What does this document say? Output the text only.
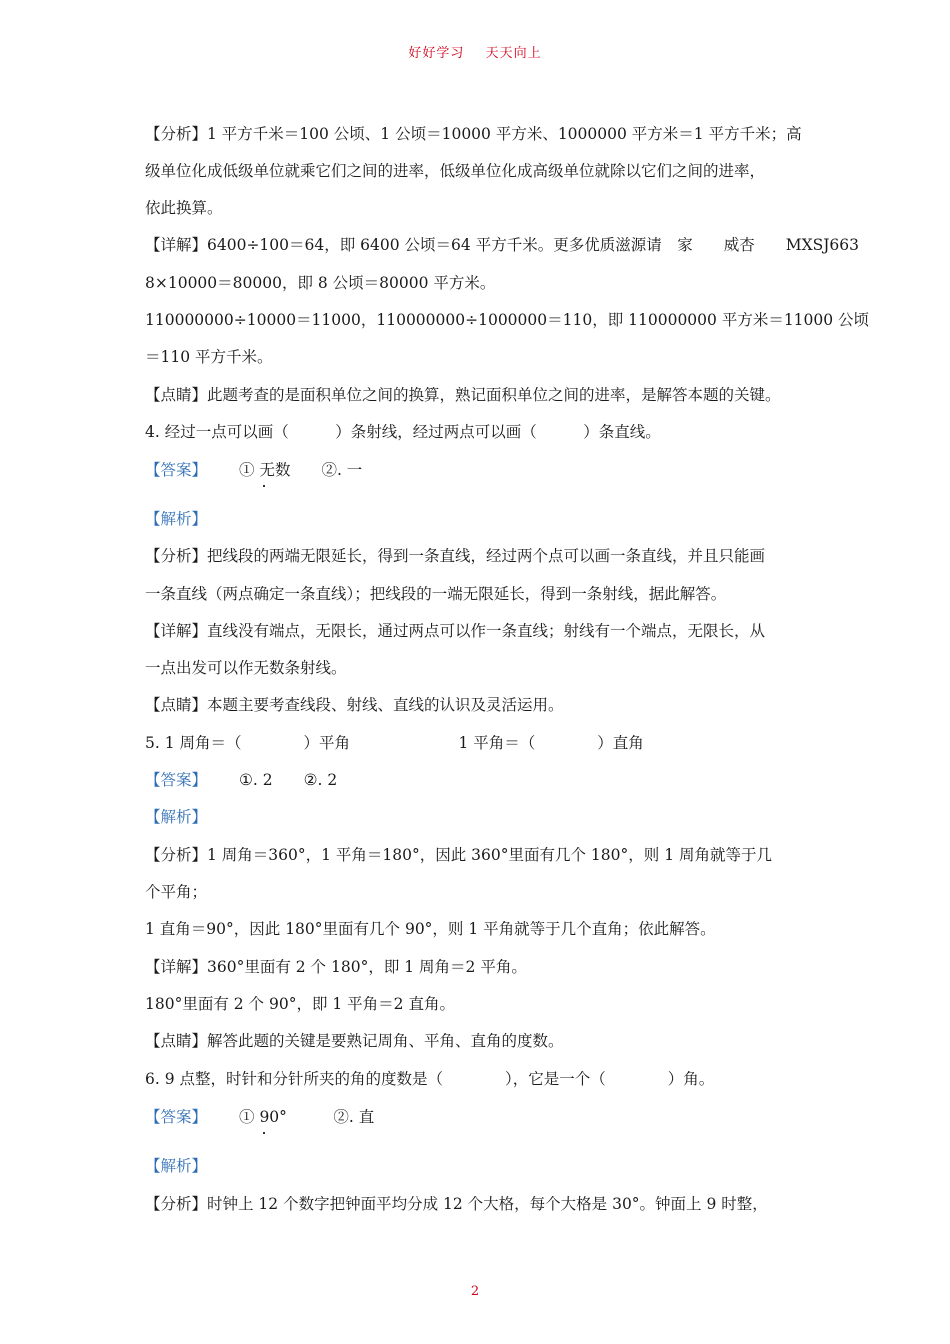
好好学习 天天向上
【分析】1 平方千米＝100 公顷、1 公顷＝10000 平方米、1000000 平方米＝1 平方千米；高
级单位化成低级单位就乘它们之间的进率，低级单位化成高级单位就除以它们之间的进率，
依此换算。
【详解】6400÷100＝64，即 6400 公顷＝64 平方千米。更多优质滋源请　家　　威杏　　MXSJ663
8×10000＝80000，即 8 公顷＝80000 平方米。
110000000÷10000＝11000，110000000÷1000000＝110，即 110000000 平方米＝11000 公顷
＝110 平方千米。
【点睛】此题考查的是面积单位之间的换算，熟记面积单位之间的进率，是解答本题的关键。
4. 经过一点可以画（　　　）条射线，经过两点可以画（　　　）条直线。
【答案】 ① 无数　　②. 一
【解析】
【分析】把线段的两端无限延长，得到一条直线，经过两个点可以画一条直线，并且只能画
一条直线（两点确定一条直线）；把线段的一端无限延长，得到一条射线，据此解答。
【详解】直线没有端点，无限长，通过两点可以作一条直线；射线有一个端点，无限长，从
一点出发可以作无数条射线。
【点睛】本题主要考查线段、射线、直线的认识及灵活运用。
5. 1 周角＝（　　　　）平角　　　　　　　1 平角＝（　　　　）直角
【答案】 ①. 2　　②. 2
【解析】
【分析】1 周角＝360°，1 平角＝180°，因此 360°里面有几个 180°，则 1 周角就等于几
个平角；
1 直角＝90°，因此 180°里面有几个 90°，则 1 平角就等于几个直角；依此解答。
【详解】360°里面有 2 个 180°，即 1 周角＝2 平角。
180°里面有 2 个 90°，即 1 平角＝2 直角。
【点睛】解答此题的关键是要熟记周角、平角、直角的度数。
6. 9 点整，时针和分针所夹的角的度数是（　　　　），它是一个（　　　　）角。
【答案】 ① 90°　　　②. 直
【解析】
【分析】时钟上 12 个数字把钟面平均分成 12 个大格，每个大格是 30°。钟面上 9 时整，
2
